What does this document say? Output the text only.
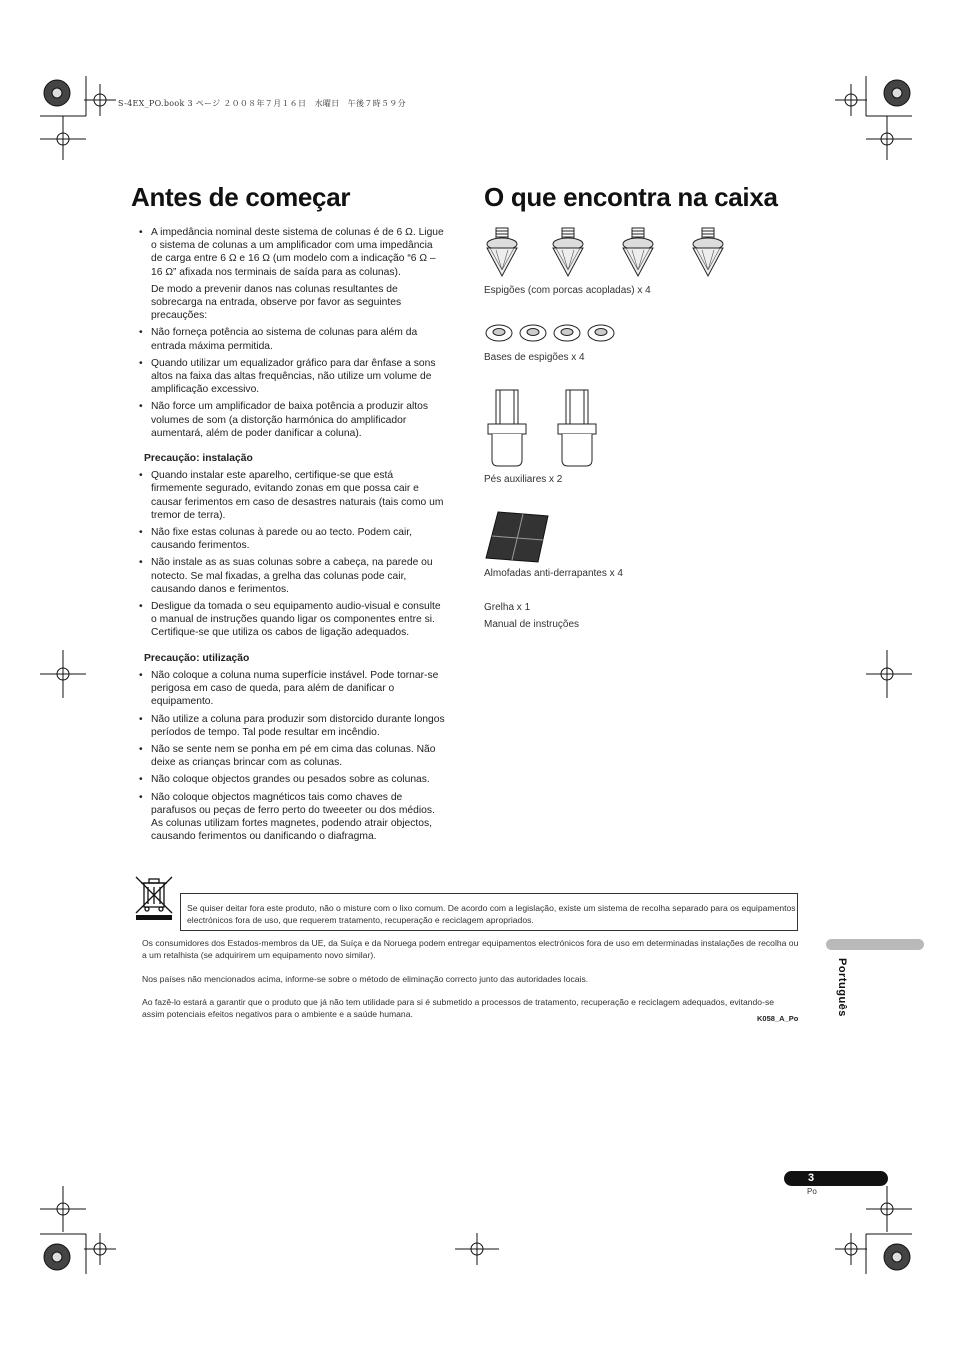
S-4EX_PO.book 3 ページ ２００８年７月１６日　水曜日　午後７時５９分
Antes de começar
• A impedância nominal deste sistema de colunas é de 6 Ω. Ligue o sistema de colunas a um amplificador com uma impedância de carga entre 6 Ω e 16 Ω (um modelo com a indicação “6 Ω – 16 Ω” afixada nos terminais de saída para as colunas).
De modo a prevenir danos nas colunas resultantes de sobrecarga na entrada, observe por favor as seguintes precauções:
• Não forneça potência ao sistema de colunas para além da entrada máxima permitida.
• Quando utilizar um equalizador gráfico para dar ênfase a sons altos na faixa das altas frequências, não utilize um volume de amplificação excessivo.
• Não force um amplificador de baixa potência a produzir altos volumes de som (a distorção harmónica do amplificador aumentará, além de poder danificar a coluna).
Precaução: instalação
• Quando instalar este aparelho, certifique-se que está firmemente segurado, evitando zonas em que possa cair e causar ferimentos em caso de desastres naturais (tais como um tremor de terra).
• Não fixe estas colunas à parede ou ao tecto. Podem cair, causando ferimentos.
• Não instale as as suas colunas sobre a cabeça, na parede ou notecto. Se mal fixadas, a grelha das colunas pode cair, causando danos e ferimentos.
• Desligue da tomada o seu equipamento audio-visual e consulte o manual de instruções quando ligar os componentes entre si. Certifique-se que utiliza os cabos de ligação adequados.
Precaução: utilização
• Não coloque a coluna numa superfície instável. Pode tornar-se perigosa em caso de queda, para além de danificar o equipamento.
• Não utilize a coluna para produzir som distorcido durante longos períodos de tempo. Tal pode resultar em incêndio.
• Não se sente nem se ponha em pé em cima das colunas. Não deixe as crianças brincar com as colunas.
• Não coloque objectos grandes ou pesados sobre as colunas.
• Não coloque objectos magnéticos tais como chaves de parafusos ou peças de ferro perto do tweeeter ou dos médios. As colunas utilizam fortes magnetes, podendo atrair objectos, causando ferimentos ou danificando o diafragma.
O que encontra na caixa
Espigões (com porcas acopladas) x 4
Bases de espigões x 4
Pés auxiliares x 2
Almofadas anti-derrapantes x 4
Grelha x 1
Manual de instruções
Se quiser deitar fora este produto, não o misture com o lixo comum. De acordo com a legislação, existe um sistema de recolha separado para os equipamentos electrónicos fora de uso, que requerem tratamento, recuperação e reciclagem apropriados.
Os consumidores dos Estados-membros da UE, da Suíça e da Noruega podem entregar equipamentos electrónicos fora de uso em determinadas instalações de recolha ou a um retalhista (se adquirirem um equipamento novo similar).
Nos países não mencionados acima, informe-se sobre o método de eliminação correcto junto das autoridades locais.
Ao fazê-lo estará a garantir que o produto que já não tem utilidade para si é submetido a processos de tratamento, recuperação e reciclagem adequados, evitando-se assim potenciais efeitos negativos para o ambiente e a saúde humana.	K058_A_Po
Português
3
Po
